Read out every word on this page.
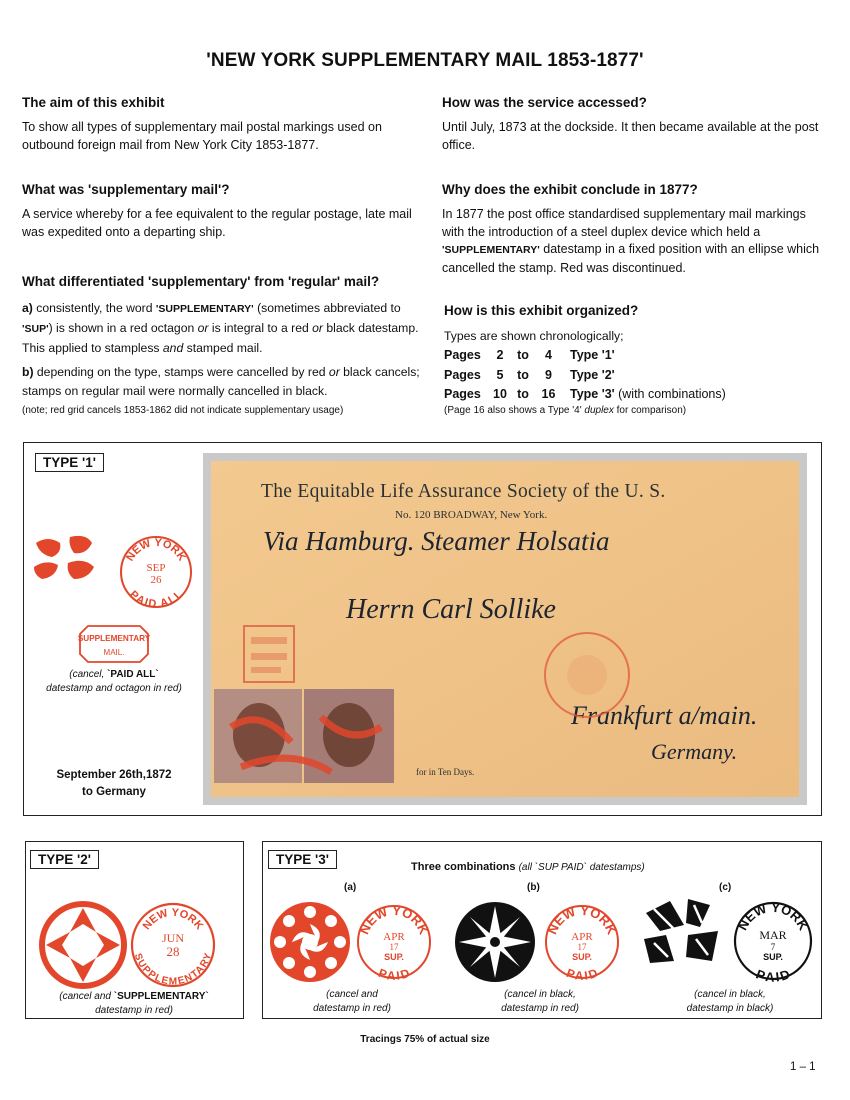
'NEW YORK SUPPLEMENTARY MAIL 1853-1877'

The aim of this exhibit

To show all types of supplementary mail postal markings used on outbound foreign mail from New York City 1853-1877.

What was 'supplementary mail'?

A service whereby for a fee equivalent to the regular postage, late mail was expedited onto a departing ship.

What differentiated 'supplementary' from 'regular' mail?

a) consistently, the word 'SUPPLEMENTARY' (sometimes abbreviated to 'SUP') is shown in a red octagon or is integral to a red or black datestamp. This applied to stampless and stamped mail.

b) depending on the type, stamps were cancelled by red or black cancels; stamps on regular mail were normally cancelled in black.

(note; red grid cancels 1853-1862 did not indicate supplementary usage)

How was the service accessed?

Until July, 1873 at the dockside. It then became available at the post office.

Why does the exhibit conclude in 1877?

In 1877 the post office standardised supplementary mail markings with the introduction of a steel duplex device which held a 'SUPPLEMENTARY' datestamp in a fixed position with an ellipse which cancelled the stamp. Red was discontinued.

How is this exhibit organized?

Types are shown chronologically;

Pages	2	to	4	Type '1'
Pages	5	to	9	Type '2'
Pages	10	to	16	Type '3' (with combinations)

(Page 16 also shows a Type '4' duplex for comparison)

TYPE '1'
NEW YORK
SEP
26
PAID ALL
SUPPLEMENTARY
MAIL.
(cancel, `PAID ALL`
datestamp and octagon in red)
September 26th,1872
to Germany
The Equitable Life Assurance Society of the U. S.
No. 120 BROADWAY, New York.
Via Hamburg. Steamer Holsatia
Herrn Carl Sollike
Frankfurt a/main.
Germany.
for in Ten Days.
TYPE '2'
NEW YORK
JUN
28
SUPPLEMENTARY
(cancel and `SUPPLEMENTARY`
datestamp in red)
TYPE '3'	Three combinations (all `SUP PAID` datestamps)
(a)	(b)	(c)
NEW YORK
APR
17
SUP.
PAID
(cancel and
datestamp in red)
NEW YORK
APR
17
SUP.
PAID
(cancel in black,
datestamp in red)
NEW YORK
MAR
7
SUP.
PAID
(cancel in black,
datestamp in black)
Tracings 75% of actual size
1 – 1
